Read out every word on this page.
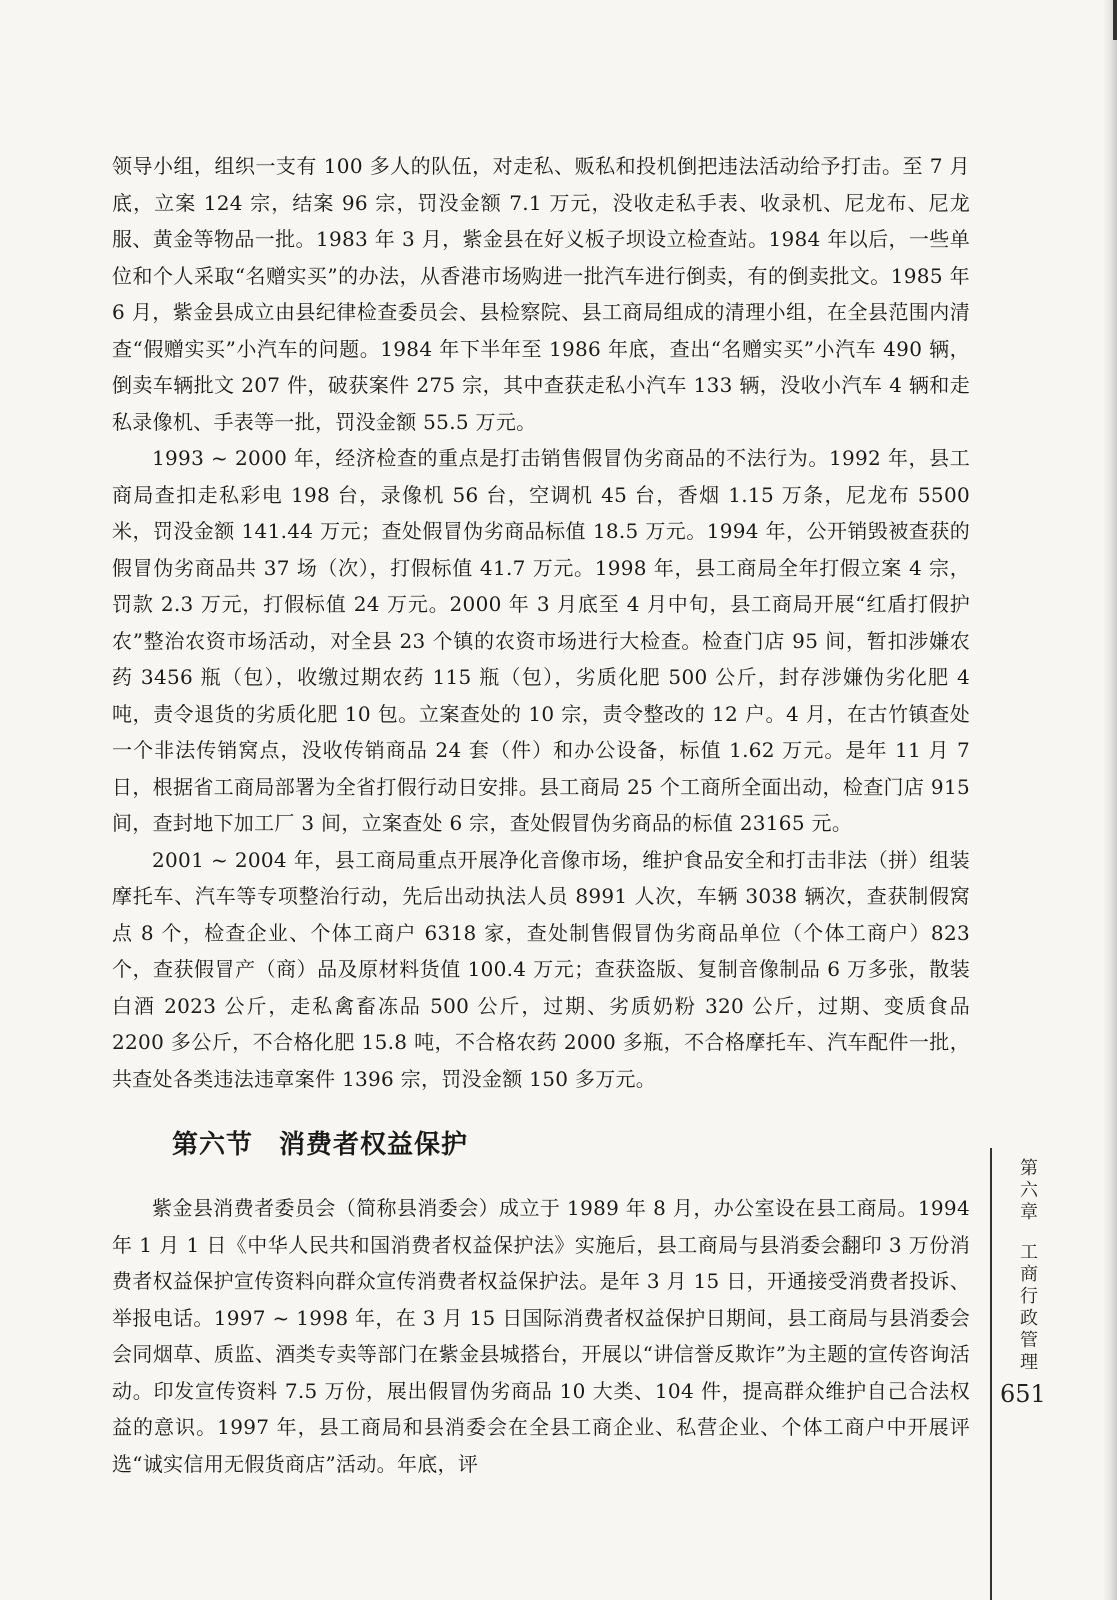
领导小组，组织一支有 100 多人的队伍，对走私、贩私和投机倒把违法活动给予打击。至 7 月底，立案 124 宗，结案 96 宗，罚没金额 7.1 万元，没收走私手表、收录机、尼龙布、尼龙服、黄金等物品一批。1983 年 3 月，紫金县在好义板子坝设立检查站。1984 年以后，一些单位和个人采取“名赠实买”的办法，从香港市场购进一批汽车进行倒卖，有的倒卖批文。1985 年 6 月，紫金县成立由县纪律检查委员会、县检察院、县工商局组成的清理小组，在全县范围内清查“假赠实买”小汽车的问题。1984 年下半年至 1986 年底，查出“名赠实买”小汽车 490 辆，倒卖车辆批文 207 件，破获案件 275 宗，其中查获走私小汽车 133 辆，没收小汽车 4 辆和走私录像机、手表等一批，罚没金额 55.5 万元。

1993 ~ 2000 年，经济检查的重点是打击销售假冒伪劣商品的不法行为。1992 年，县工商局查扣走私彩电 198 台，录像机 56 台，空调机 45 台，香烟 1.15 万条，尼龙布 5500 米，罚没金额 141.44 万元；查处假冒伪劣商品标值 18.5 万元。1994 年，公开销毁被查获的假冒伪劣商品共 37 场（次），打假标值 41.7 万元。1998 年，县工商局全年打假立案 4 宗，罚款 2.3 万元，打假标值 24 万元。2000 年 3 月底至 4 月中旬，县工商局开展“红盾打假护农”整治农资市场活动，对全县 23 个镇的农资市场进行大检查。检查门店 95 间，暂扣涉嫌农药 3456 瓶（包），收缴过期农药 115 瓶（包），劣质化肥 500 公斤，封存涉嫌伪劣化肥 4 吨，责令退货的劣质化肥 10 包。立案查处的 10 宗，责令整改的 12 户。4 月，在古竹镇查处一个非法传销窝点，没收传销商品 24 套（件）和办公设备，标值 1.62 万元。是年 11 月 7 日，根据省工商局部署为全省打假行动日安排。县工商局 25 个工商所全面出动，检查门店 915 间，查封地下加工厂 3 间，立案查处 6 宗，查处假冒伪劣商品的标值 23165 元。

2001 ~ 2004 年，县工商局重点开展净化音像市场，维护食品安全和打击非法（拼）组装摩托车、汽车等专项整治行动，先后出动执法人员 8991 人次，车辆 3038 辆次，查获制假窝点 8 个，检查企业、个体工商户 6318 家，查处制售假冒伪劣商品单位（个体工商户）823 个，查获假冒产（商）品及原材料货值 100.4 万元；查获盗版、复制音像制品 6 万多张，散装白酒 2023 公斤，走私禽畜冻品 500 公斤，过期、劣质奶粉 320 公斤，过期、变质食品 2200 多公斤，不合格化肥 15.8 吨，不合格农药 2000 多瓶，不合格摩托车、汽车配件一批，共查处各类违法违章案件 1396 宗，罚没金额 150 多万元。

第六节 消费者权益保护

紫金县消费者委员会（简称县消委会）成立于 1989 年 8 月，办公室设在县工商局。1994 年 1 月 1 日《中华人民共和国消费者权益保护法》实施后，县工商局与县消委会翻印 3 万份消费者权益保护宣传资料向群众宣传消费者权益保护法。是年 3 月 15 日，开通接受消费者投诉、举报电话。1997 ~ 1998 年，在 3 月 15 日国际消费者权益保护日期间，县工商局与县消委会会同烟草、质监、酒类专卖等部门在紫金县城搭台，开展以“讲信誉反欺诈”为主题的宣传咨询活动。印发宣传资料 7.5 万份，展出假冒伪劣商品 10 大类、104 件，提高群众维护自己合法权益的意识。1997 年，县工商局和县消委会在全县工商企业、私营企业、个体工商户中开展评选“诚实信用无假货商店”活动。年底，评

第六章工商行政管理
651
